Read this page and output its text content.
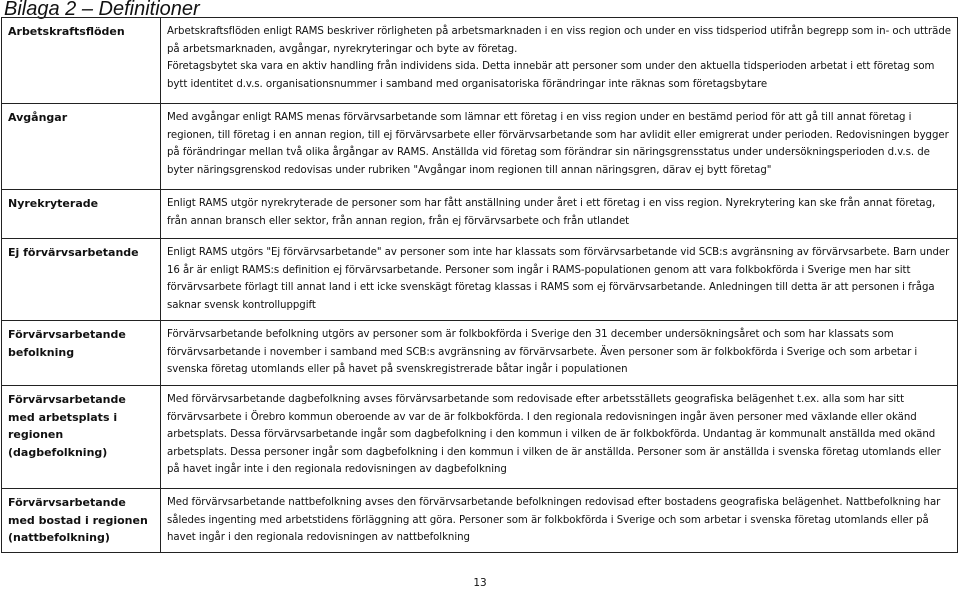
Bilaga 2 – Definitioner
Arbetskraftsflöden	Arbetskraftsflöden enligt RAMS beskriver rörligheten på arbetsmarknaden i en viss region och under en viss tidsperiod utifrån begrepp som in- och utträde på arbetsmarknaden, avgångar, nyrekryteringar och byte av företag.
Företagsbytet ska vara en aktiv handling från individens sida. Detta innebär att personer som under den aktuella tidsperioden arbetat i ett företag som bytt identitet d.v.s. organisationsnummer i samband med organisatoriska förändringar inte räknas som företagsbytare

Avgångar	Med avgångar enligt RAMS menas förvärvsarbetande som lämnar ett företag i en viss region under en bestämd period för att gå till annat företag i regionen, till företag i en annan region, till ej förvärvsarbete eller förvärvsarbetande som har avlidit eller emigrerat under perioden. Redovisningen bygger på förändringar mellan två olika årgångar av RAMS. Anställda vid företag som förändrar sin näringsgrensstatus under undersökningsperioden d.v.s. de byter näringsgrenskod redovisas under rubriken "Avgångar inom regionen till annan näringsgren, därav ej bytt företag"

Nyrekryterade	Enligt RAMS utgör nyrekryterade de personer som har fått anställning under året i ett företag i en viss region. Nyrekrytering kan ske från annat företag, från annan bransch eller sektor, från annan region, från ej förvärvsarbete och från utlandet

Ej förvärvsarbetande	Enligt RAMS utgörs "Ej förvärvsarbetande" av personer som inte har klassats som förvärvsarbetande vid SCB:s avgränsning av förvärvsarbete. Barn under 16 år är enligt RAMS:s definition ej förvärvsarbetande. Personer som ingår i RAMS-populationen genom att vara folkbokförda i Sverige men har sitt förvärvsarbete förlagt till annat land i ett icke svenskägt företag klassas i RAMS som ej förvärvsarbetande. Anledningen till detta är att personen i fråga saknar svensk kontrolluppgift

Förvärvsarbetande befolkning	Förvärvsarbetande befolkning utgörs av personer som är folkbokförda i Sverige den 31 december undersökningsåret och som har klassats som förvärvsarbetande i november i samband med SCB:s avgränsning av förvärvsarbete. Även personer som är folkbokförda i Sverige och som arbetar i svenska företag utomlands eller på havet på svenskregistrerade båtar ingår i populationen

Förvärvsarbetande med arbetsplats i regionen (dagbefolkning)	Med förvärvsarbetande dagbefolkning avses förvärvsarbetande som redovisade efter arbetsställets geografiska belägenhet t.ex. alla som har sitt förvärvsarbete i Örebro kommun oberoende av var de är folkbokförda. I den regionala redovisningen ingår även personer med växlande eller okänd arbetsplats. Dessa förvärvsarbetande ingår som dagbefolkning i den kommun i vilken de är folkbokförda. Undantag är kommunalt anställda med okänd arbetsplats. Dessa personer ingår som dagbefolkning i den kommun i vilken de är anställda. Personer som är anställda i svenska företag utomlands eller på havet ingår inte i den regionala redovisningen av dagbefolkning

Förvärvsarbetande med bostad i regionen (nattbefolkning)	Med förvärvsarbetande nattbefolkning avses den förvärvsarbetande befolkningen redovisad efter bostadens geografiska belägenhet. Nattbefolkning har således ingenting med arbetstidens förläggning att göra. Personer som är folkbokförda i Sverige och som arbetar i svenska företag utomlands eller på havet ingår i den regionala redovisningen av nattbefolkning
13
